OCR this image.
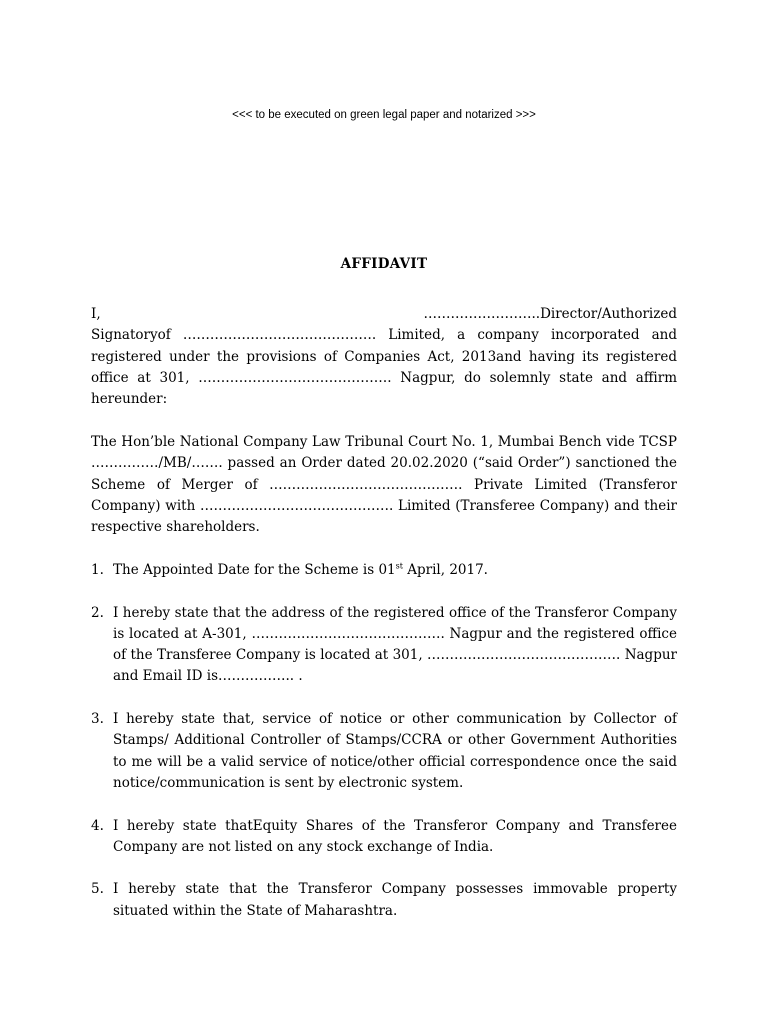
<<< to be executed on green legal paper and notarized >>>
AFFIDAVIT
I,	……………………..Director/Authorized

Signatoryof ……………………………………. Limited, a company incorporated and registered under the provisions of Companies Act, 2013and having its registered office at 301, ……………………………………. Nagpur, do solemnly state and affirm hereunder:

The Hon’ble National Company Law Tribunal Court No. 1, Mumbai Bench vide TCSP ……………/MB/……. passed an Order dated 20.02.2020 (“said Order”) sanctioned the Scheme of Merger of ……………………………………. Private Limited (Transferor Company) with ……………………………………. Limited (Transferee Company) and their respective shareholders.

1. The Appointed Date for the Scheme is 01st April, 2017.

2. I hereby state that the address of the registered office of the Transferor Company is located at A-301, ……………………………………. Nagpur and the registered office of the Transferee Company is located at 301, ……………………………………. Nagpur and Email ID is…………….. .

3. I hereby state that, service of notice or other communication by Collector of Stamps/ Additional Controller of Stamps/CCRA or other Government Authorities to me will be a valid service of notice/other official correspondence once the said notice/communication is sent by electronic system.

4. I hereby state thatEquity Shares of the Transferor Company and Transferee Company are not listed on any stock exchange of India.

5. I hereby state that the Transferor Company possesses immovable property situated within the State of Maharashtra.
